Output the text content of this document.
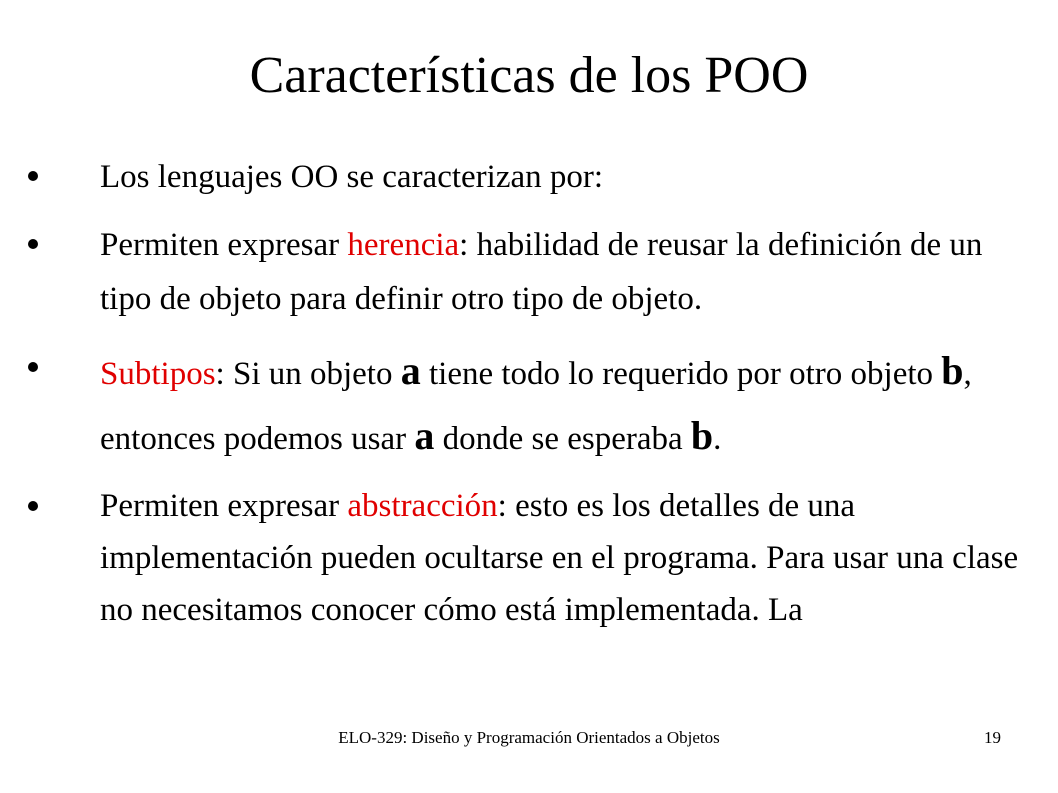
Características de los POO
Los lenguajes OO se caracterizan por:
Permiten expresar herencia: habilidad de reusar la definición de un tipo de objeto para definir otro tipo de objeto.
Subtipos: Si un objeto a tiene todo lo requerido por otro objeto b, entonces podemos usar a donde se esperaba b.
Permiten expresar abstracción: esto es los detalles de una implementación pueden ocultarse en el programa. Para usar una clase no necesitamos conocer cómo está implementada. La
ELO-329: Diseño y Programación Orientados a Objetos	19
